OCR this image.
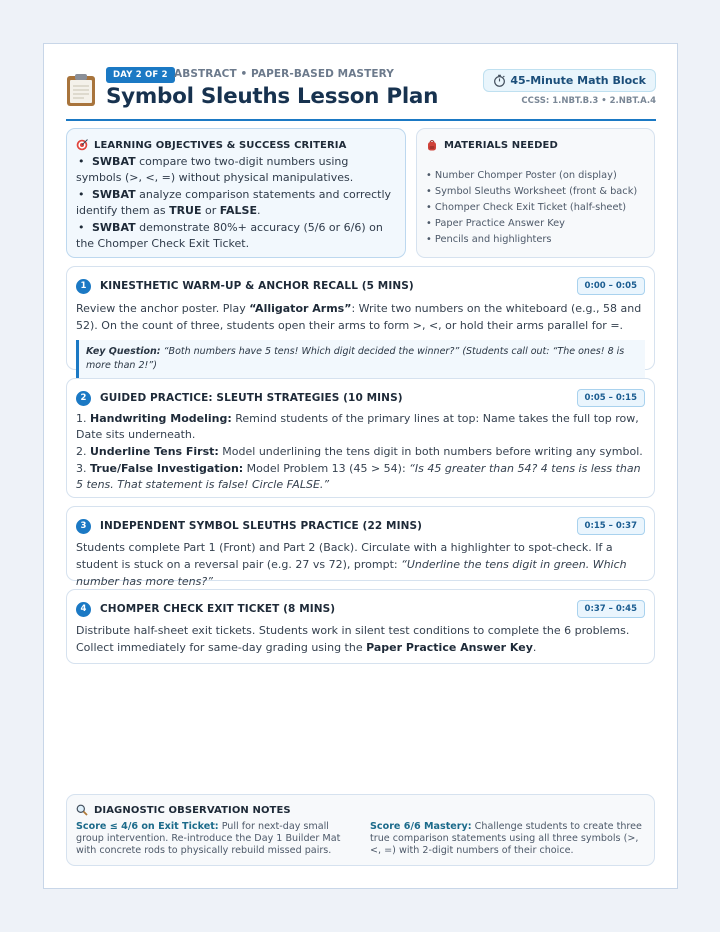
DAY 2 OF 2 ABSTRACT • PAPER-BASED MASTERY
Symbol Sleuths Lesson Plan
45-Minute Math Block
CCSS: 1.NBT.B.3 • 2.NBT.A.4
LEARNING OBJECTIVES & SUCCESS CRITERIA
• SWBAT compare two two-digit numbers using symbols (>, <, =) without physical manipulatives.
• SWBAT analyze comparison statements and correctly identify them as TRUE or FALSE.
• SWBAT demonstrate 80%+ accuracy (5/6 or 6/6) on the Chomper Check Exit Ticket.
MATERIALS NEEDED
• Number Chomper Poster (on display)
• Symbol Sleuths Worksheet (front & back)
• Chomper Check Exit Ticket (half-sheet)
• Paper Practice Answer Key
• Pencils and highlighters
1	KINESTHETIC WARM-UP & ANCHOR RECALL (5 MINS)	0:00 – 0:05

Review the anchor poster. Play “Alligator Arms”: Write two numbers on the whiteboard (e.g., 58 and 52). On the count of three, students open their arms to form >, <, or hold their arms parallel for =.

Key Question: “Both numbers have 5 tens! Which digit decided the winner?” (Students call out: “The ones! 8 is more than 2!”)
2	GUIDED PRACTICE: SLEUTH STRATEGIES (10 MINS)	0:05 – 0:15

1. Handwriting Modeling: Remind students of the primary lines at top: Name takes the full top row, Date sits underneath.

2. Underline Tens First: Model underlining the tens digit in both numbers before writing any symbol.

3. True/False Investigation: Model Problem 13 (45 > 54): “Is 45 greater than 54? 4 tens is less than 5 tens. That statement is false! Circle FALSE.”

3	INDEPENDENT SYMBOL SLEUTHS PRACTICE (22 MINS)	0:15 – 0:37

Students complete Part 1 (Front) and Part 2 (Back). Circulate with a highlighter to spot-check. If a student is stuck on a reversal pair (e.g. 27 vs 72), prompt: “Underline the tens digit in green. Which number has more tens?”

4	CHOMPER CHECK EXIT TICKET (8 MINS)	0:37 – 0:45

Distribute half-sheet exit tickets. Students work in silent test conditions to complete the 6 problems. Collect immediately for same-day grading using the Paper Practice Answer Key.

DIAGNOSTIC OBSERVATION NOTES
Score ≤ 4/6 on Exit Ticket: Pull for next-day small group intervention. Re-introduce the Day 1 Builder Mat with concrete rods to physically rebuild missed pairs.
Score 6/6 Mastery: Challenge students to create three true comparison statements using all three symbols (>, <, =) with 2-digit numbers of their choice.
